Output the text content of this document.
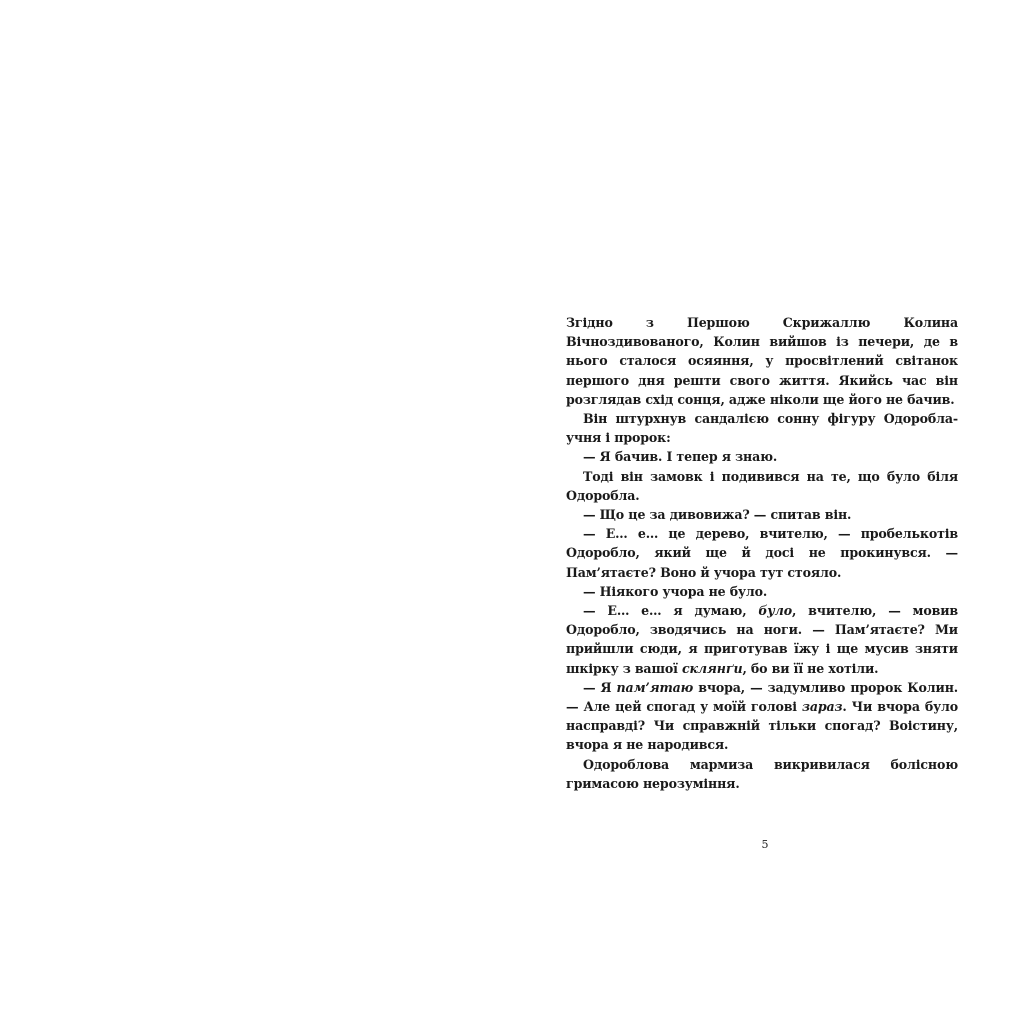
Згідно з Першою Скрижаллю Колина Вічноздивованого, Колин вийшов із печери, де в нього сталося осяяння, у просвітлений світанок першого дня решти свого життя. Якийсь час він розглядав схід сонця, адже ніколи ще його не бачив.

Він штурхнув сандалією сонну фігуру Одоробла-учня і пророк:

— Я бачив. І тепер я знаю.

Тоді він замовк і подивився на те, що було біля Одоробла.

— Що це за дивовижа? — спитав він.

— Е… е… це дерево, вчителю, — пробелькотів Одоробло, який ще й досі не прокинувся. — Пам’ятаєте? Воно й учора тут стояло.

— Ніякого учора не було.

— Е… е… я думаю, було, вчителю, — мовив Одоробло, зводячись на ноги. — Пам’ятаєте? Ми прийшли сюди, я приготував їжу і ще мусив зняти шкірку з вашої склянґи, бо ви її не хотіли.

— Я пам’ятаю вчора, — задумливо пророк Колин. — Але цей спогад у моїй голові зараз. Чи вчора було насправді? Чи справжній тільки спогад? Воістину, вчора я не народився.

Одороблова мармиза викривилася болісною гримасою нерозуміння.

5
